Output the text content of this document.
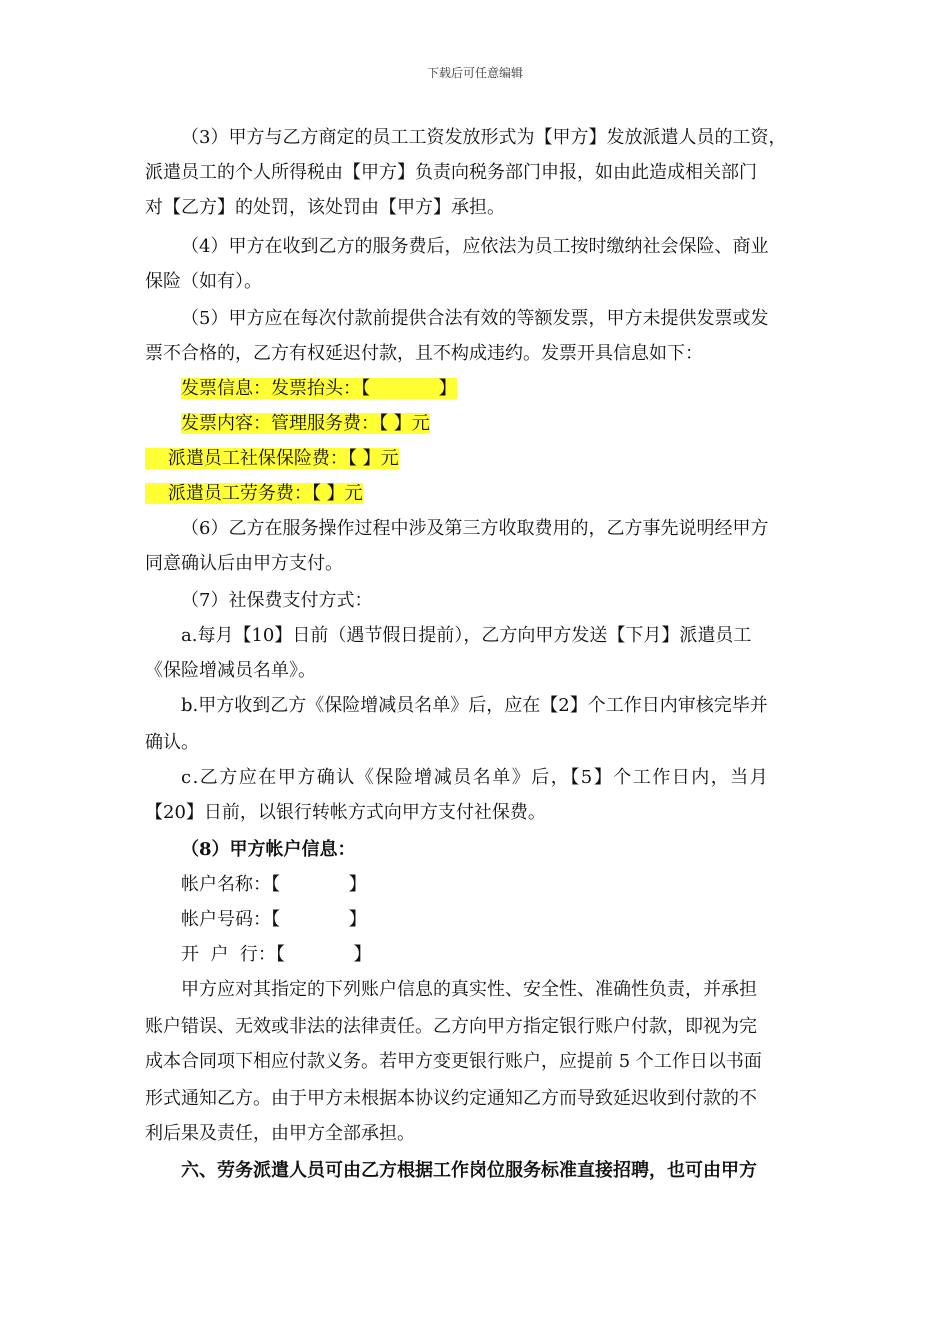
下载后可任意编辑
（3）甲方与乙方商定的员工工资发放形式为【甲方】发放派遣人员的工资，
派遣员工的个人所得税由【甲方】负责向税务部门申报，如由此造成相关部门
对【乙方】的处罚，该处罚由【甲方】承担。
（4）甲方在收到乙方的服务费后，应依法为员工按时缴纳社会保险、商业
保险（如有）。
（5）甲方应在每次付款前提供合法有效的等额发票，甲方未提供发票或发
票不合格的，乙方有权延迟付款，且不构成违约。发票开具信息如下：
发票信息：发票抬头：【            】
发票内容：管理服务费：【 】元
派遣员工社保保险费：【 】元
派遣员工劳务费：【 】元
（6）乙方在服务操作过程中涉及第三方收取费用的，乙方事先说明经甲方
同意确认后由甲方支付。
（7）社保费支付方式：
a.每月【10】日前（遇节假日提前），乙方向甲方发送【下月】派遣员工
《保险增减员名单》。
b.甲方收到乙方《保险增减员名单》后，应在【2】个工作日内审核完毕并
确认。
c.乙方应在甲方确认《保险增减员名单》后，【5】个工作日内，当月
【20】日前，以银行转帐方式向甲方支付社保费。
（8）甲方帐户信息：
帐户名称：【            】
帐户号码：【            】
开  户  行：【            】
甲方应对其指定的下列账户信息的真实性、安全性、准确性负责，并承担
账户错误、无效或非法的法律责任。乙方向甲方指定银行账户付款，即视为完
成本合同项下相应付款义务。若甲方变更银行账户，应提前 5 个工作日以书面
形式通知乙方。由于甲方未根据本协议约定通知乙方而导致延迟收到付款的不
利后果及责任，由甲方全部承担。
六、劳务派遣人员可由乙方根据工作岗位服务标准直接招聘，也可由甲方
